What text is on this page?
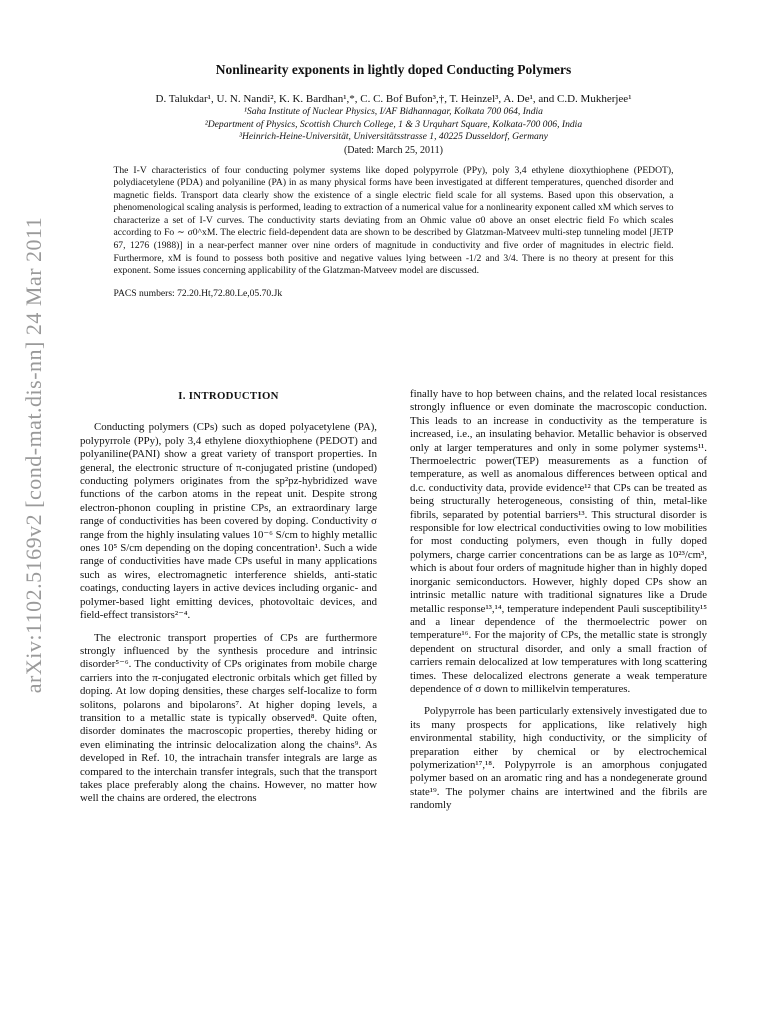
arXiv:1102.5169v2 [cond-mat.dis-nn] 24 Mar 2011
Nonlinearity exponents in lightly doped Conducting Polymers
D. Talukdar¹, U. N. Nandi², K. K. Bardhan¹,*, C. C. Bof Bufon³,†, T. Heinzel³, A. De¹, and C.D. Mukherjee¹
¹Saha Institute of Nuclear Physics, I/AF Bidhannagar, Kolkata 700 064, India
²Department of Physics, Scottish Church College, 1 & 3 Urquhart Square, Kolkata-700 006, India
³Heinrich-Heine-Universität, Universitätsstrasse 1, 40225 Dusseldorf, Germany
(Dated: March 25, 2011)
The I-V characteristics of four conducting polymer systems like doped polypyrrole (PPy), poly 3,4 ethylene dioxythiophene (PEDOT), polydiacetylene (PDA) and polyaniline (PA) in as many physical forms have been investigated at different temperatures, quenched disorder and magnetic fields. Transport data clearly show the existence of a single electric field scale for all systems. Based upon this observation, a phenomenological scaling analysis is performed, leading to extraction of a numerical value for a nonlinearity exponent called xM which serves to characterize a set of I-V curves. The conductivity starts deviating from an Ohmic value σ0 above an onset electric field Fo which scales according to Fo ∼ σ0^xM. The electric field-dependent data are shown to be described by Glatzman-Matveev multi-step tunneling model [JETP 67, 1276 (1988)] in a near-perfect manner over nine orders of magnitude in conductivity and five order of magnitudes in electric field. Furthermore, xM is found to possess both positive and negative values lying between -1/2 and 3/4. There is no theory at present for this exponent. Some issues concerning applicability of the Glatzman-Matveev model are discussed.
PACS numbers: 72.20.Ht,72.80.Le,05.70.Jk
I. INTRODUCTION

Conducting polymers (CPs) such as doped polyacetylene (PA), polypyrrole (PPy), poly 3,4 ethylene dioxythiophene (PEDOT) and polyaniline(PANI) show a great variety of transport properties. In general, the electronic structure of π-conjugated pristine (undoped) conducting polymers originates from the sp²pz-hybridized wave functions of the carbon atoms in the repeat unit. Despite strong electron-phonon coupling in pristine CPs, an extraordinary large range of conductivities has been covered by doping. Conductivity σ range from the highly insulating values 10⁻⁶ S/cm to highly metallic ones 10⁵ S/cm depending on the doping concentration¹. Such a wide range of conductivities have made CPs useful in many applications such as wires, electromagnetic interference shields, anti-static coatings, conducting layers in active devices including organic- and polymer-based light emitting devices, photovoltaic devices, and field-effect transistors²⁻⁴.

The electronic transport properties of CPs are furthermore strongly influenced by the synthesis procedure and intrinsic disorder⁵⁻⁶. The conductivity of CPs originates from mobile charge carriers into the π-conjugated electronic orbitals which get filled by doping. At low doping densities, these charges self-localize to form solitons, polarons and bipolarons⁷. At higher doping levels, a transition to a metallic state is typically observed⁸. Quite often, disorder dominates the macroscopic properties, thereby hiding or even eliminating the intrinsic delocalization along the chains⁹. As developed in Ref. 10, the intrachain transfer integrals are large as compared to the interchain transfer integrals, such that the transport takes place preferably along the chains. However, no matter how well the chains are ordered, the electrons

finally have to hop between chains, and the related local resistances strongly influence or even dominate the macroscopic conduction. This leads to an increase in conductivity as the temperature is increased, i.e., an insulating behavior. Metallic behavior is observed only at larger temperatures and only in some polymer systems¹¹. Thermoelectric power(TEP) measurements as a function of temperature, as well as anomalous differences between optical and d.c. conductivity data, provide evidence¹² that CPs can be treated as being structurally heterogeneous, consisting of thin, metal-like fibrils, separated by potential barriers¹³. This structural disorder is responsible for low electrical conductivities owing to low mobilities for most conducting polymers, even though in fully doped polymers, charge carrier concentrations can be as large as 10²³/cm³, which is about four orders of magnitude higher than in highly doped inorganic semiconductors. However, highly doped CPs show an intrinsic metallic nature with traditional signatures like a Drude metallic response¹³,¹⁴, temperature independent Pauli susceptibility¹⁵ and a linear dependence of the thermoelectric power on temperature¹⁶. For the majority of CPs, the metallic state is strongly dependent on structural disorder, and only a small fraction of carriers remain delocalized at low temperatures with long scattering times. These delocalized electrons generate a weak temperature dependence of σ down to millikelvin temperatures.

Polypyrrole has been particularly extensively investigated due to its many prospects for applications, like relatively high environmental stability, high conductivity, or the simplicity of preparation either by chemical or by electrochemical polymerization¹⁷,¹⁸. Polypyrrole is an amorphous conjugated polymer based on an aromatic ring and has a nondegenerate ground state¹⁹. The polymer chains are intertwined and the fibrils are randomly
